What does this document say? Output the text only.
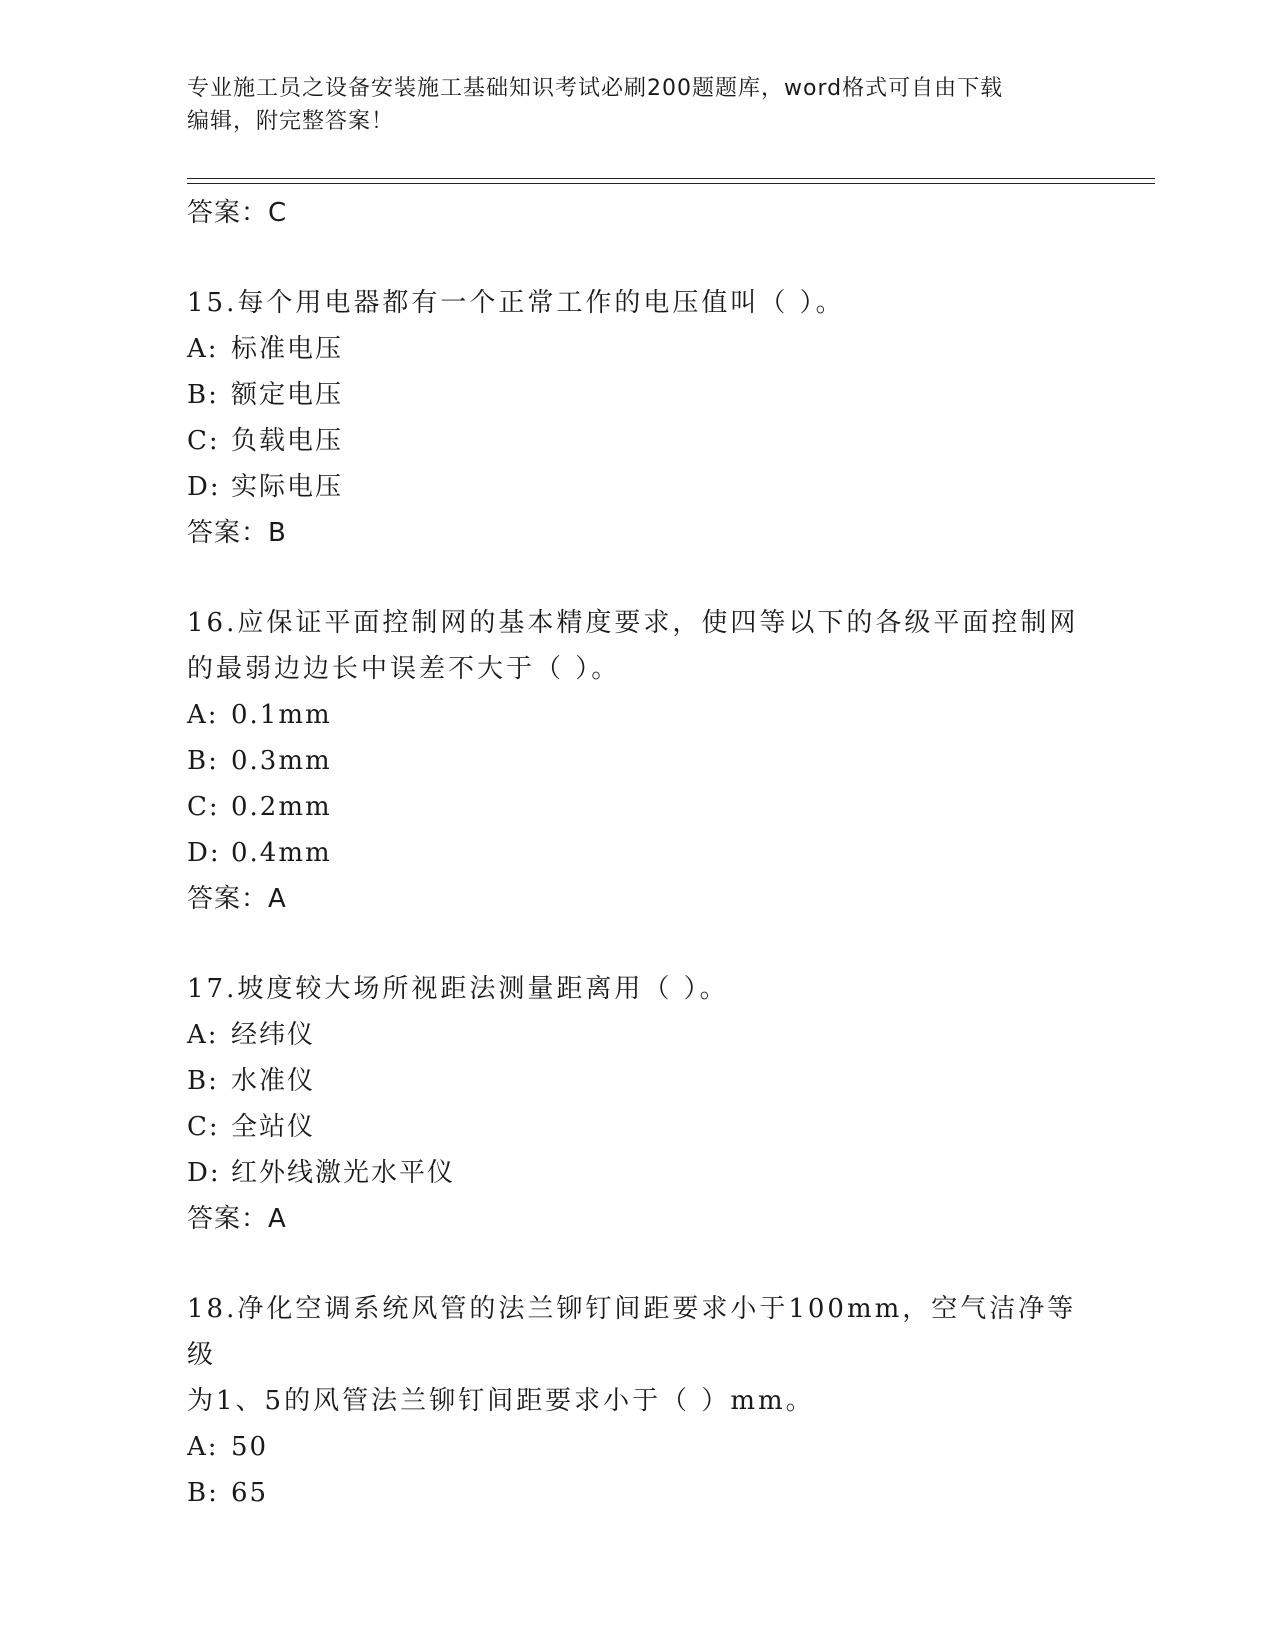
专业施工员之设备安装施工基础知识考试必刷200题题库，word格式可自由下载
编辑，附完整答案！
答案：C
15.每个用电器都有一个正常工作的电压值叫（ ）。
A: 标准电压
B: 额定电压
C: 负载电压
D: 实际电压
答案：B
16.应保证平面控制网的基本精度要求，使四等以下的各级平面控制网
的最弱边边长中误差不大于（ ）。
A: 0.1mm
B: 0.3mm
C: 0.2mm
D: 0.4mm
答案：A
17.坡度较大场所视距法测量距离用（ ）。
A: 经纬仪
B: 水准仪
C: 全站仪
D: 红外线激光水平仪
答案：A
18.净化空调系统风管的法兰铆钉间距要求小于100mm，空气洁净等级
为1、5的风管法兰铆钉间距要求小于（ ）mm。
A: 50
B: 65
